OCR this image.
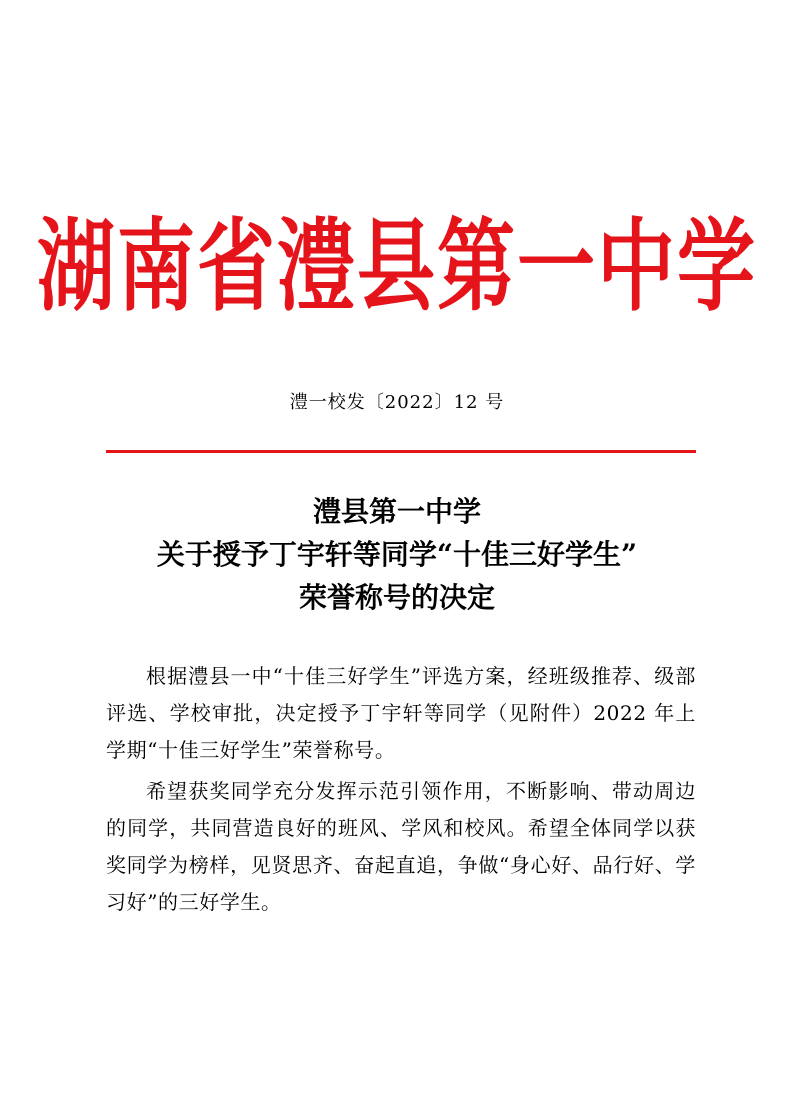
湖南省澧县第一中学
澧一校发〔2022〕12 号
澧县第一中学
关于授予丁宇轩等同学“十佳三好学生”
荣誉称号的决定

根据澧县一中“十佳三好学生”评选方案，经班级推荐、级部评选、学校审批，决定授予丁宇轩等同学（见附件）2022 年上学期“十佳三好学生”荣誉称号。

希望获奖同学充分发挥示范引领作用，不断影响、带动周边的同学，共同营造良好的班风、学风和校风。希望全体同学以获奖同学为榜样，见贤思齐、奋起直追，争做“身心好、品行好、学习好”的三好学生。
